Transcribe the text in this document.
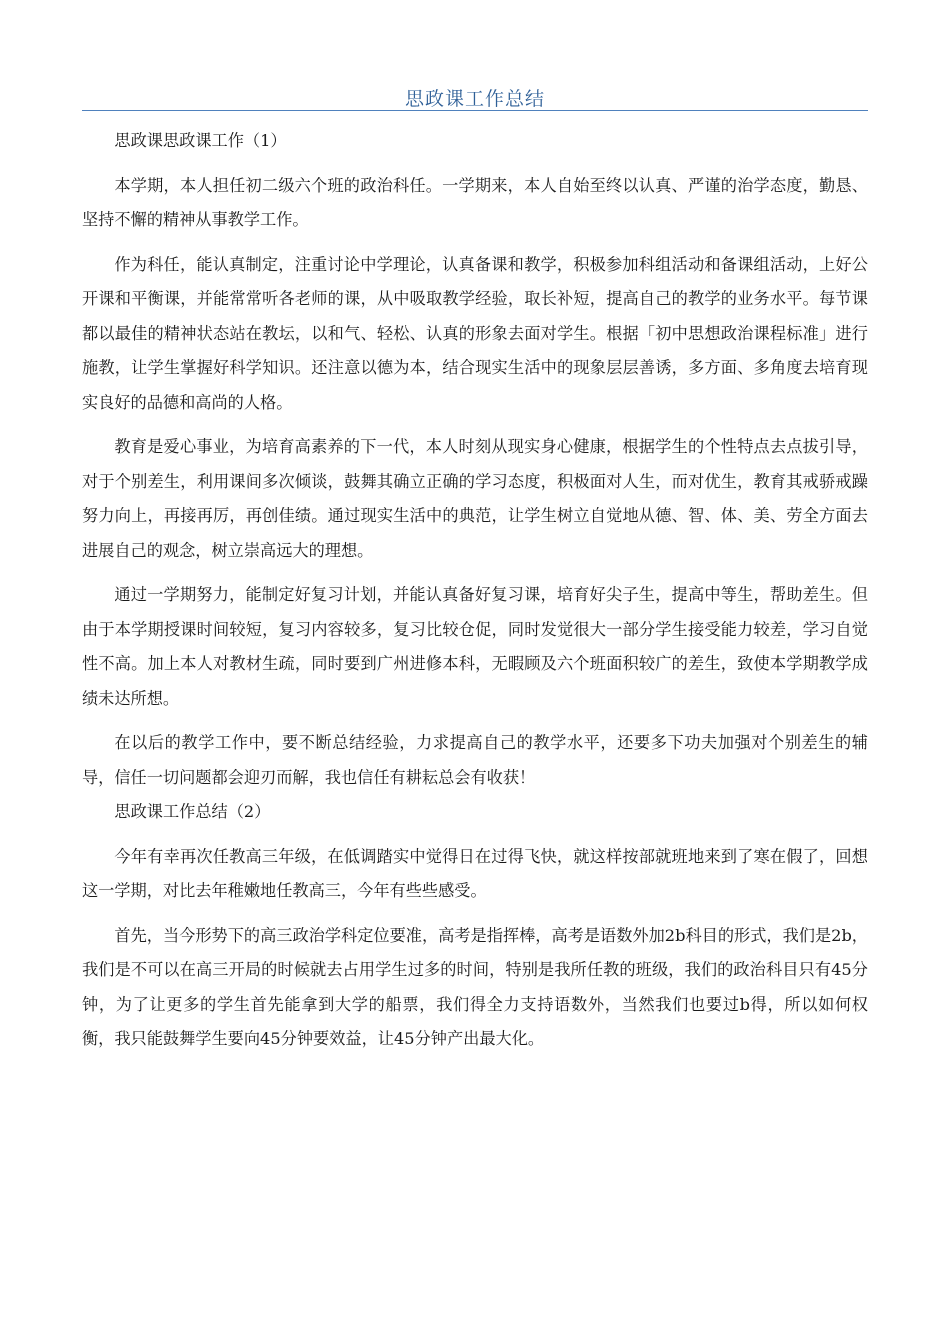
思政课工作总结

思政课思政课工作（1）

本学期，本人担任初二级六个班的政治科任。一学期来，本人自始至终以认真、严谨的治学态度，勤恳、坚持不懈的精神从事教学工作。

作为科任，能认真制定，注重讨论中学理论，认真备课和教学，积极参加科组活动和备课组活动，上好公开课和平衡课，并能常常听各老师的课，从中吸取教学经验，取长补短，提高自己的教学的业务水平。每节课都以最佳的精神状态站在教坛，以和气、轻松、认真的形象去面对学生。根据「初中思想政治课程标准」进行施教，让学生掌握好科学知识。还注意以德为本，结合现实生活中的现象层层善诱，多方面、多角度去培育现实良好的品德和高尚的人格。

教育是爱心事业，为培育高素养的下一代，本人时刻从现实身心健康，根据学生的个性特点去点拔引导，对于个别差生，利用课间多次倾谈，鼓舞其确立正确的学习态度，积极面对人生，而对优生，教育其戒骄戒躁努力向上，再接再厉，再创佳绩。通过现实生活中的典范，让学生树立自觉地从德、智、体、美、劳全方面去进展自己的观念，树立崇高远大的理想。

通过一学期努力，能制定好复习计划，并能认真备好复习课，培育好尖子生，提高中等生，帮助差生。但由于本学期授课时间较短，复习内容较多，复习比较仓促，同时发觉很大一部分学生接受能力较差，学习自觉性不高。加上本人对教材生疏，同时要到广州进修本科，无暇顾及六个班面积较广的差生，致使本学期教学成绩未达所想。

在以后的教学工作中，要不断总结经验，力求提高自己的教学水平，还要多下功夫加强对个别差生的辅导，信任一切问题都会迎刃而解，我也信任有耕耘总会有收获！

思政课工作总结（2）

今年有幸再次任教高三年级，在低调踏实中觉得日在过得飞快，就这样按部就班地来到了寒在假了，回想这一学期，对比去年稚嫩地任教高三，今年有些些感受。

首先，当今形势下的高三政治学科定位要准，高考是指挥棒，高考是语数外加2b科目的形式，我们是2b，我们是不可以在高三开局的时候就去占用学生过多的时间，特别是我所任教的班级，我们的政治科目只有45分钟，为了让更多的学生首先能拿到大学的船票，我们得全力支持语数外，当然我们也要过b得，所以如何权衡，我只能鼓舞学生要向45分钟要效益，让45分钟产出最大化。
